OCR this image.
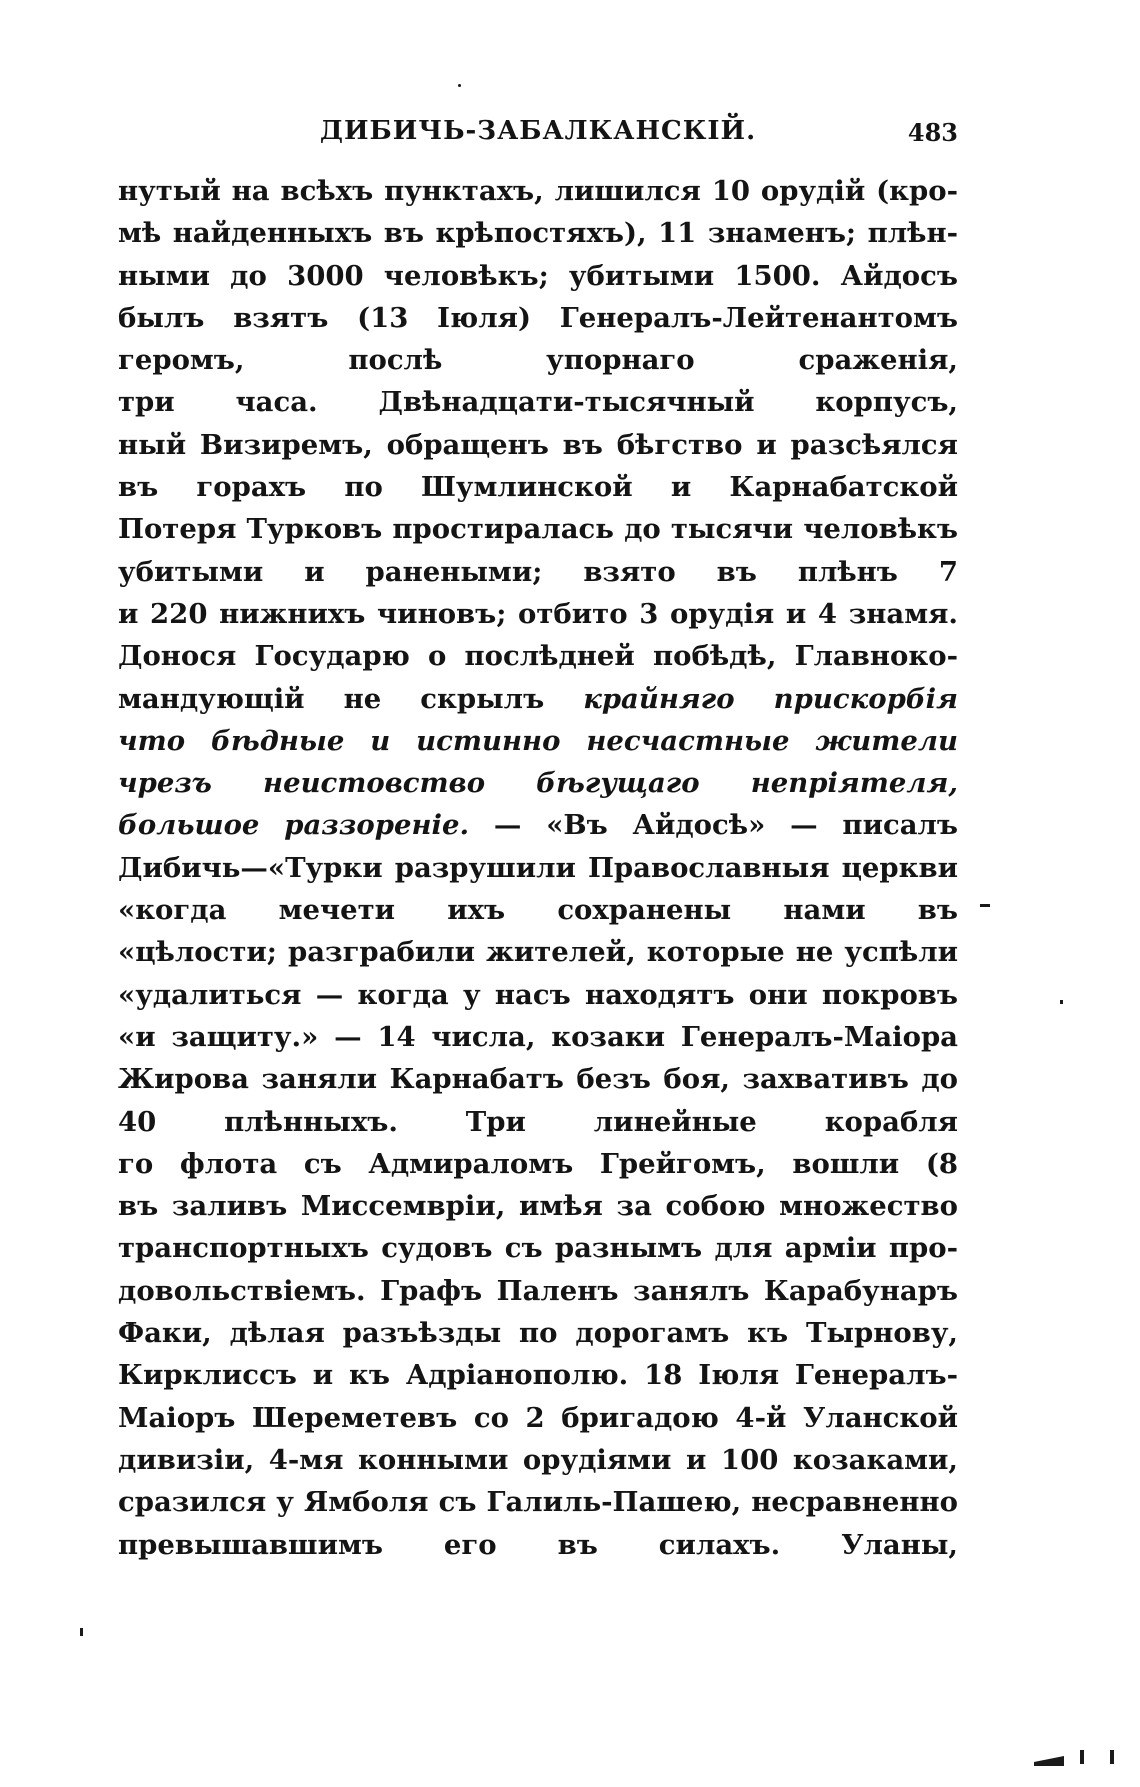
ДИБИЧЬ-ЗАБАЛКАНСКІЙ.	483
нутый на всѣхъ пунктахъ, лишился 10 орудій (кро-
мѣ найденныхъ въ крѣпостяхъ), 11 знаменъ; плѣн-
ными до 3000 человѣкъ; убитыми 1500. Айдосъ
былъ взятъ (13 Іюля) Генералъ-Лейтенантомъ
геромъ, послѣ упорнаго сраженія,
три часа. Двѣнадцати-тысячный корпусъ,
ный Визиремъ, обращенъ въ бѣгство и разсѣялся
въ горахъ по Шумлинской и Карнабатской
Потеря Турковъ простиралась до тысячи человѣкъ
убитыми и ранеными; взято въ плѣнъ 7
и 220 нижнихъ чиновъ; отбито 3 орудія и 4 знамя.
Донося Государю о послѣдней побѣдѣ, Главноко-
мандующій не скрылъ крайняго прискорбія
что бѣдные и истинно несчастные жители
чрезъ неистовство бѣгущаго непріятеля,
большое раззореніе. — «Въ Айдосѣ» — писалъ
Дибичь—«Турки разрушили Православныя церкви
«когда мечети ихъ сохранены нами въ
«цѣлости; разграбили жителей, которые не успѣли
«удалиться — когда у насъ находятъ они покровъ
«и защиту.» — 14 числа, козаки Генералъ-Маіора
Жирова заняли Карнабатъ безъ боя, захвативъ до
40 плѣнныхъ. Три линейные корабля
го флота съ Адмираломъ Грейгомъ, вошли (8
въ заливъ Миссемвріи, имѣя за собою множество
транспортныхъ судовъ съ разнымъ для арміи про-
довольствіемъ. Графъ Паленъ занялъ Карабунаръ
Факи, дѣлая разъѣзды по дорогамъ къ Тырнову,
Кирклиссъ и къ Адріанополю. 18 Іюля Генералъ-
Маіоръ Шереметевъ со 2 бригадою 4-й Уланской
дивизіи, 4-мя конными орудіями и 100 козаками,
сразился у Ямболя съ Галиль-Пашею, несравненно
превышавшимъ его въ силахъ. Уланы,
